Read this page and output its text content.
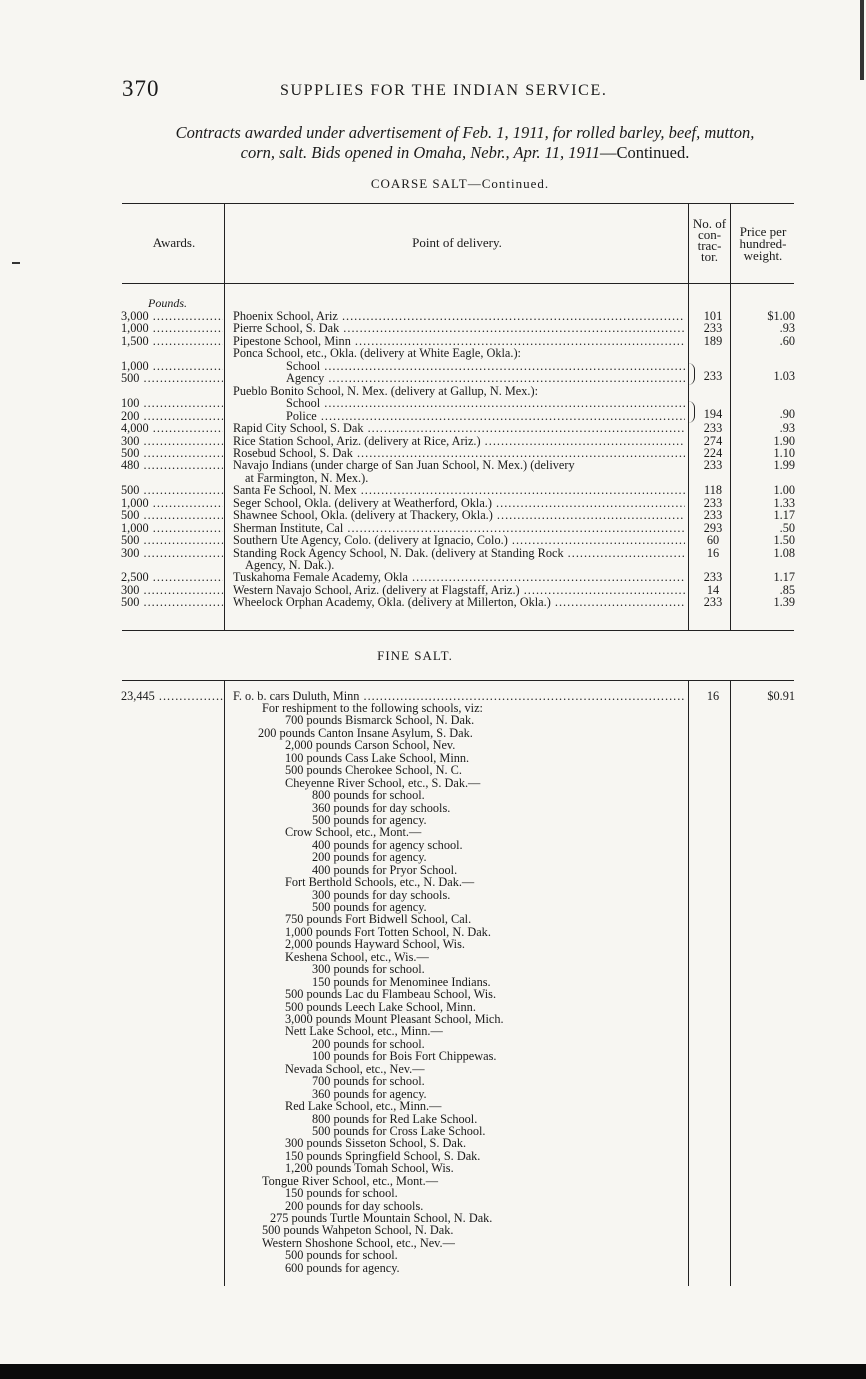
370	SUPPLIES FOR THE INDIAN SERVICE.
Contracts awarded under advertisement of Feb. 1, 1911, for rolled barley, beef, mutton,
corn, salt. Bids opened in Omaha, Nebr., Apr. 11, 1911—Continued.
COARSE SALT—Continued.
Awards.	Point of delivery.
No. of
con-
trac-
tor.
Price per
hundred-
weight.
Pounds.
3,000 .....	Phoenix School, Ariz .....	101	$1.00
1,000 .....	Pierre School, S. Dak .....	233	.93
1,500 .....	Pipestone School, Minn .....	189	.60
Ponca School, etc., Okla. (delivery at White Eagle, Okla.):
1,000 .....	School .....
500 .....	Agency .....	233	1.03
Pueblo Bonito School, N. Mex. (delivery at Gallup, N. Mex.):
100 .....	School .....
200 .....	Police .....	194	.90
4,000 .....	Rapid City School, S. Dak .....	233	.93
300 .....	Rice Station School, Ariz. (delivery at Rice, Ariz.) .....	274	1.90
500 .....	Rosebud School, S. Dak .....	224	1.10
480 .....	Navajo Indians (under charge of San Juan School, N. Mex.) (delivery	233	1.99
at Farmington, N. Mex.).
500 .....	Santa Fe School, N. Mex .....	118	1.00
1,000 .....	Seger School, Okla. (delivery at Weatherford, Okla.) .....	233	1.33
500 .....	Shawnee School, Okla. (delivery at Thackery, Okla.) .....	233	1.17
1,000 .....	Sherman Institute, Cal .....	293	.50
500 .....	Southern Ute Agency, Colo. (delivery at Ignacio, Colo.) .....	60	1.50
300 .....	Standing Rock Agency School, N. Dak. (delivery at Standing Rock .....	16	1.08
Agency, N. Dak.).
2,500 .....	Tuskahoma Female Academy, Okla .....	233	1.17
300 .....	Western Navajo School, Ariz. (delivery at Flagstaff, Ariz.) .....	14	.85
500 .....	Wheelock Orphan Academy, Okla. (delivery at Millerton, Okla.) .....	233	1.39
FINE SALT.
23,445 .....	F. o. b. cars Duluth, Minn .....	16	$0.91
For reshipment to the following schools, viz:
700 pounds Bismarck School, N. Dak.
200 pounds Canton Insane Asylum, S. Dak.
2,000 pounds Carson School, Nev.
100 pounds Cass Lake School, Minn.
500 pounds Cherokee School, N. C.
Cheyenne River School, etc., S. Dak.—
800 pounds for school.
360 pounds for day schools.
500 pounds for agency.
Crow School, etc., Mont.—
400 pounds for agency school.
200 pounds for agency.
400 pounds for Pryor School.
Fort Berthold Schools, etc., N. Dak.—
300 pounds for day schools.
500 pounds for agency.
750 pounds Fort Bidwell School, Cal.
1,000 pounds Fort Totten School, N. Dak.
2,000 pounds Hayward School, Wis.
Keshena School, etc., Wis.—
300 pounds for school.
150 pounds for Menominee Indians.
500 pounds Lac du Flambeau School, Wis.
500 pounds Leech Lake School, Minn.
3,000 pounds Mount Pleasant School, Mich.
Nett Lake School, etc., Minn.—
200 pounds for school.
100 pounds for Bois Fort Chippewas.
Nevada School, etc., Nev.—
700 pounds for school.
360 pounds for agency.
Red Lake School, etc., Minn.—
800 pounds for Red Lake School.
500 pounds for Cross Lake School.
300 pounds Sisseton School, S. Dak.
150 pounds Springfield School, S. Dak.
1,200 pounds Tomah School, Wis.
Tongue River School, etc., Mont.—
150 pounds for school.
200 pounds for day schools.
275 pounds Turtle Mountain School, N. Dak.
500 pounds Wahpeton School, N. Dak.
Western Shoshone School, etc., Nev.—
500 pounds for school.
600 pounds for agency.
